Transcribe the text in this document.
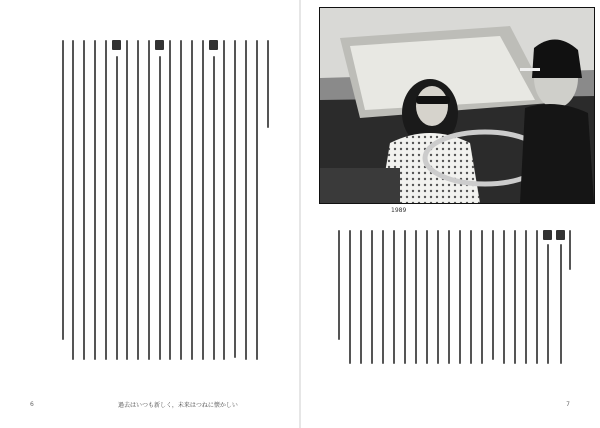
過去はいつも新しく，未来はつねに懐かしい
6
1989
7
